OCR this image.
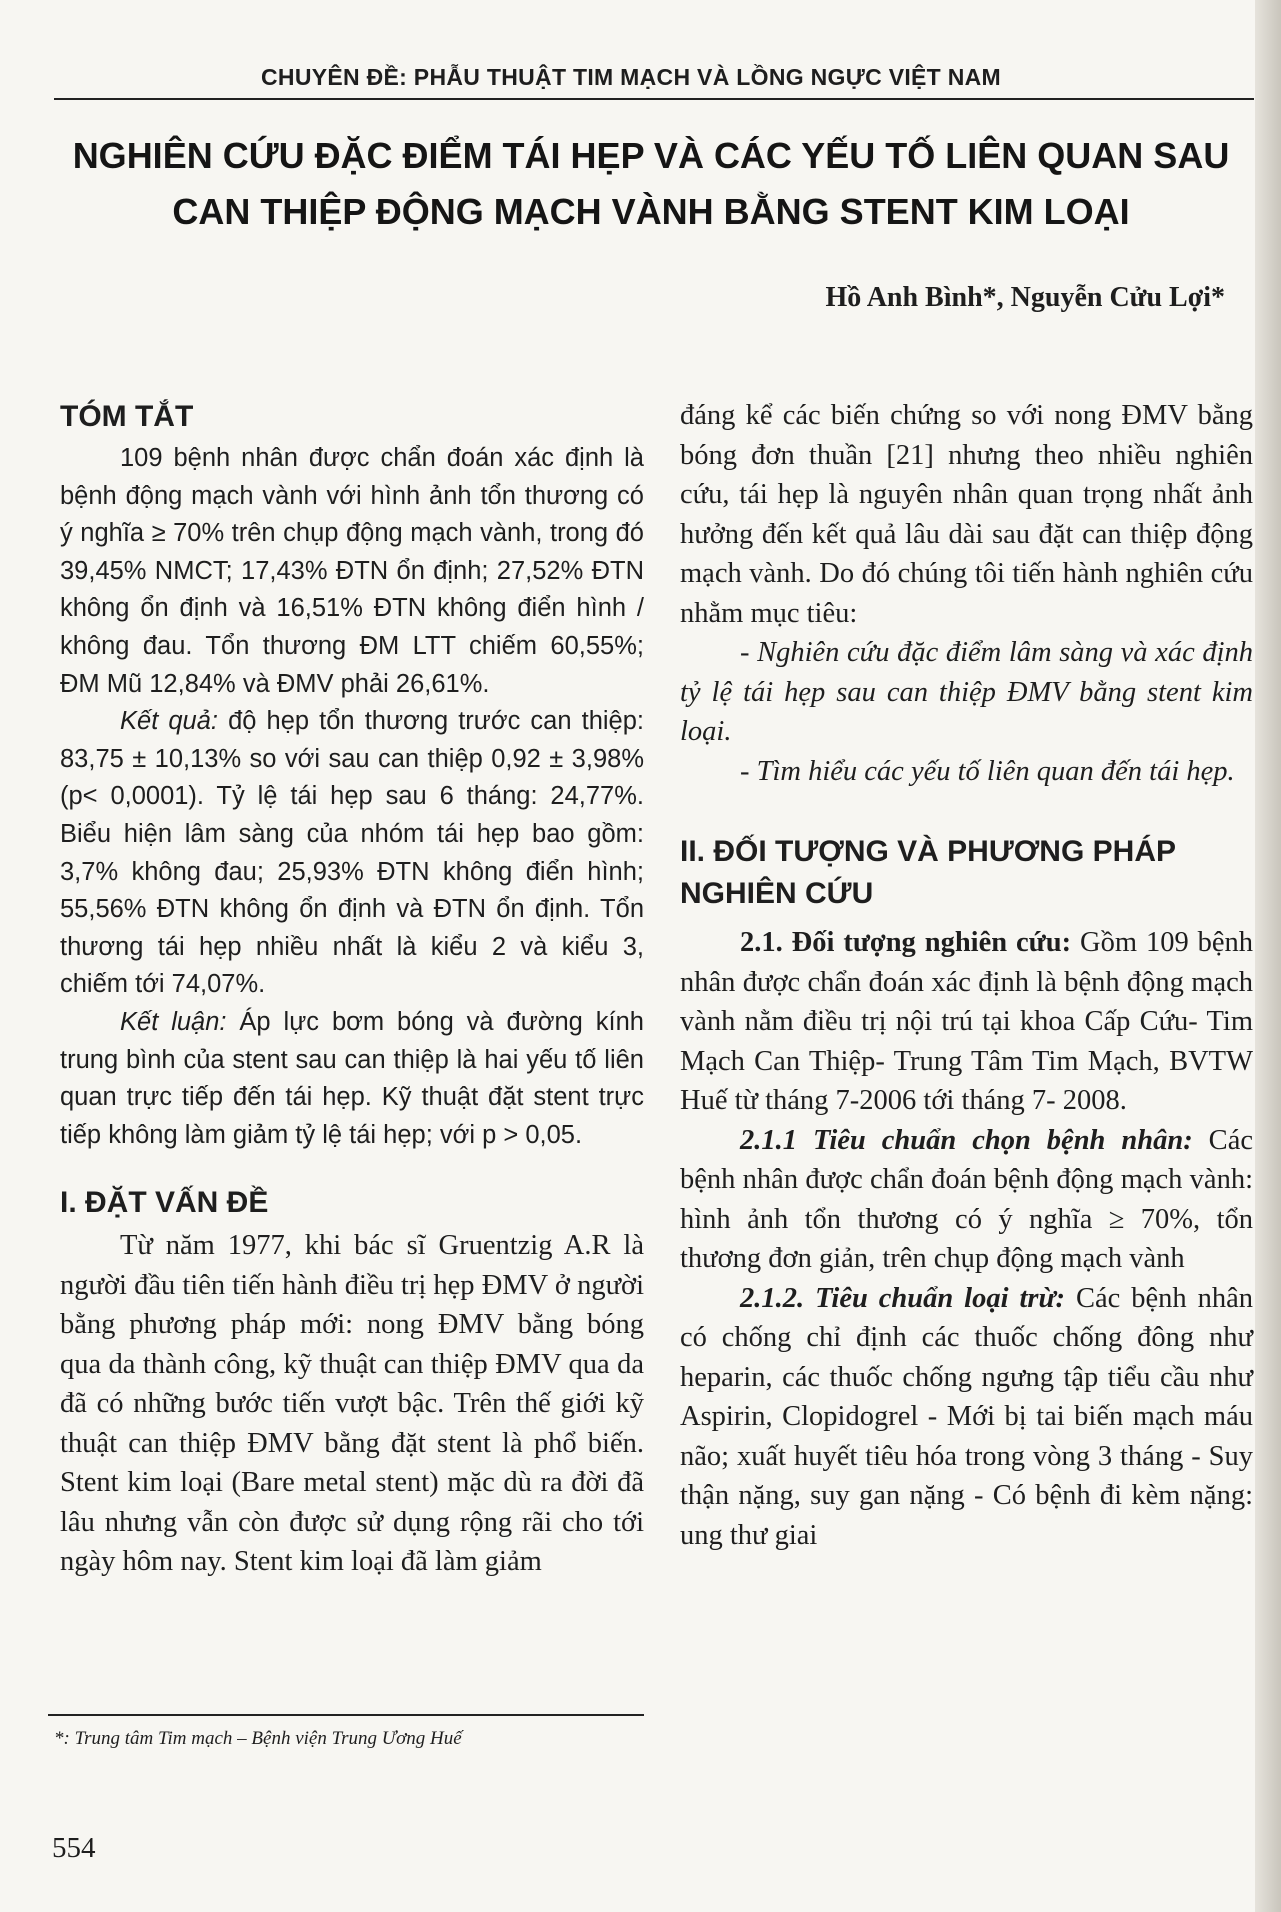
CHUYÊN ĐỀ: PHẪU THUẬT TIM MẠCH VÀ LỒNG NGỰC VIỆT NAM
NGHIÊN CỨU ĐẶC ĐIỂM TÁI HẸP VÀ CÁC YẾU TỐ LIÊN QUAN SAU
CAN THIỆP ĐỘNG MẠCH VÀNH BẰNG STENT KIM LOẠI
Hồ Anh Bình*, Nguyễn Cửu Lợi*
TÓM TẮT

109 bệnh nhân được chẩn đoán xác định là bệnh động mạch vành với hình ảnh tổn thương có ý nghĩa ≥ 70% trên chụp động mạch vành, trong đó 39,45% NMCT; 17,43% ĐTN ổn định; 27,52% ĐTN không ổn định và 16,51% ĐTN không điển hình / không đau. Tổn thương ĐM LTT chiếm 60,55%; ĐM Mũ 12,84% và ĐMV phải 26,61%.

Kết quả: độ hẹp tổn thương trước can thiệp: 83,75 ± 10,13% so với sau can thiệp 0,92 ± 3,98% (p< 0,0001). Tỷ lệ tái hẹp sau 6 tháng: 24,77%. Biểu hiện lâm sàng của nhóm tái hẹp bao gồm: 3,7% không đau; 25,93% ĐTN không điển hình; 55,56% ĐTN không ổn định và ĐTN ổn định. Tổn thương tái hẹp nhiều nhất là kiểu 2 và kiểu 3, chiếm tới 74,07%.

Kết luận: Áp lực bơm bóng và đường kính trung bình của stent sau can thiệp là hai yếu tố liên quan trực tiếp đến tái hẹp. Kỹ thuật đặt stent trực tiếp không làm giảm tỷ lệ tái hẹp; với p > 0,05.

I. ĐẶT VẤN ĐỀ

Từ năm 1977, khi bác sĩ Gruentzig A.R là người đầu tiên tiến hành điều trị hẹp ĐMV ở người bằng phương pháp mới: nong ĐMV bằng bóng qua da thành công, kỹ thuật can thiệp ĐMV qua da đã có những bước tiến vượt bậc. Trên thế giới kỹ thuật can thiệp ĐMV bằng đặt stent là phổ biến. Stent kim loại (Bare metal stent) mặc dù ra đời đã lâu nhưng vẫn còn được sử dụng rộng rãi cho tới ngày hôm nay. Stent kim loại đã làm giảm

đáng kể các biến chứng so với nong ĐMV bằng bóng đơn thuần [21] nhưng theo nhiều nghiên cứu, tái hẹp là nguyên nhân quan trọng nhất ảnh hưởng đến kết quả lâu dài sau đặt can thiệp động mạch vành. Do đó chúng tôi tiến hành nghiên cứu nhằm mục tiêu:

- Nghiên cứu đặc điểm lâm sàng và xác định tỷ lệ tái hẹp sau can thiệp ĐMV bằng stent kim loại.

- Tìm hiểu các yếu tố liên quan đến tái hẹp.

II. ĐỐI TƯỢNG VÀ PHƯƠNG PHÁP NGHIÊN CỨU

2.1. Đối tượng nghiên cứu: Gồm 109 bệnh nhân được chẩn đoán xác định là bệnh động mạch vành nằm điều trị nội trú tại khoa Cấp Cứu- Tim Mạch Can Thiệp- Trung Tâm Tim Mạch, BVTW Huế từ tháng 7-2006 tới tháng 7- 2008.

2.1.1 Tiêu chuẩn chọn bệnh nhân: Các bệnh nhân được chẩn đoán bệnh động mạch vành: hình ảnh tổn thương có ý nghĩa ≥ 70%, tổn thương đơn giản, trên chụp động mạch vành

2.1.2. Tiêu chuẩn loại trừ: Các bệnh nhân có chống chỉ định các thuốc chống đông như heparin, các thuốc chống ngưng tập tiểu cầu như Aspirin, Clopidogrel - Mới bị tai biến mạch máu não; xuất huyết tiêu hóa trong vòng 3 tháng - Suy thận nặng, suy gan nặng - Có bệnh đi kèm nặng: ung thư giai

*: Trung tâm Tim mạch – Bệnh viện Trung Ương Huế
554
